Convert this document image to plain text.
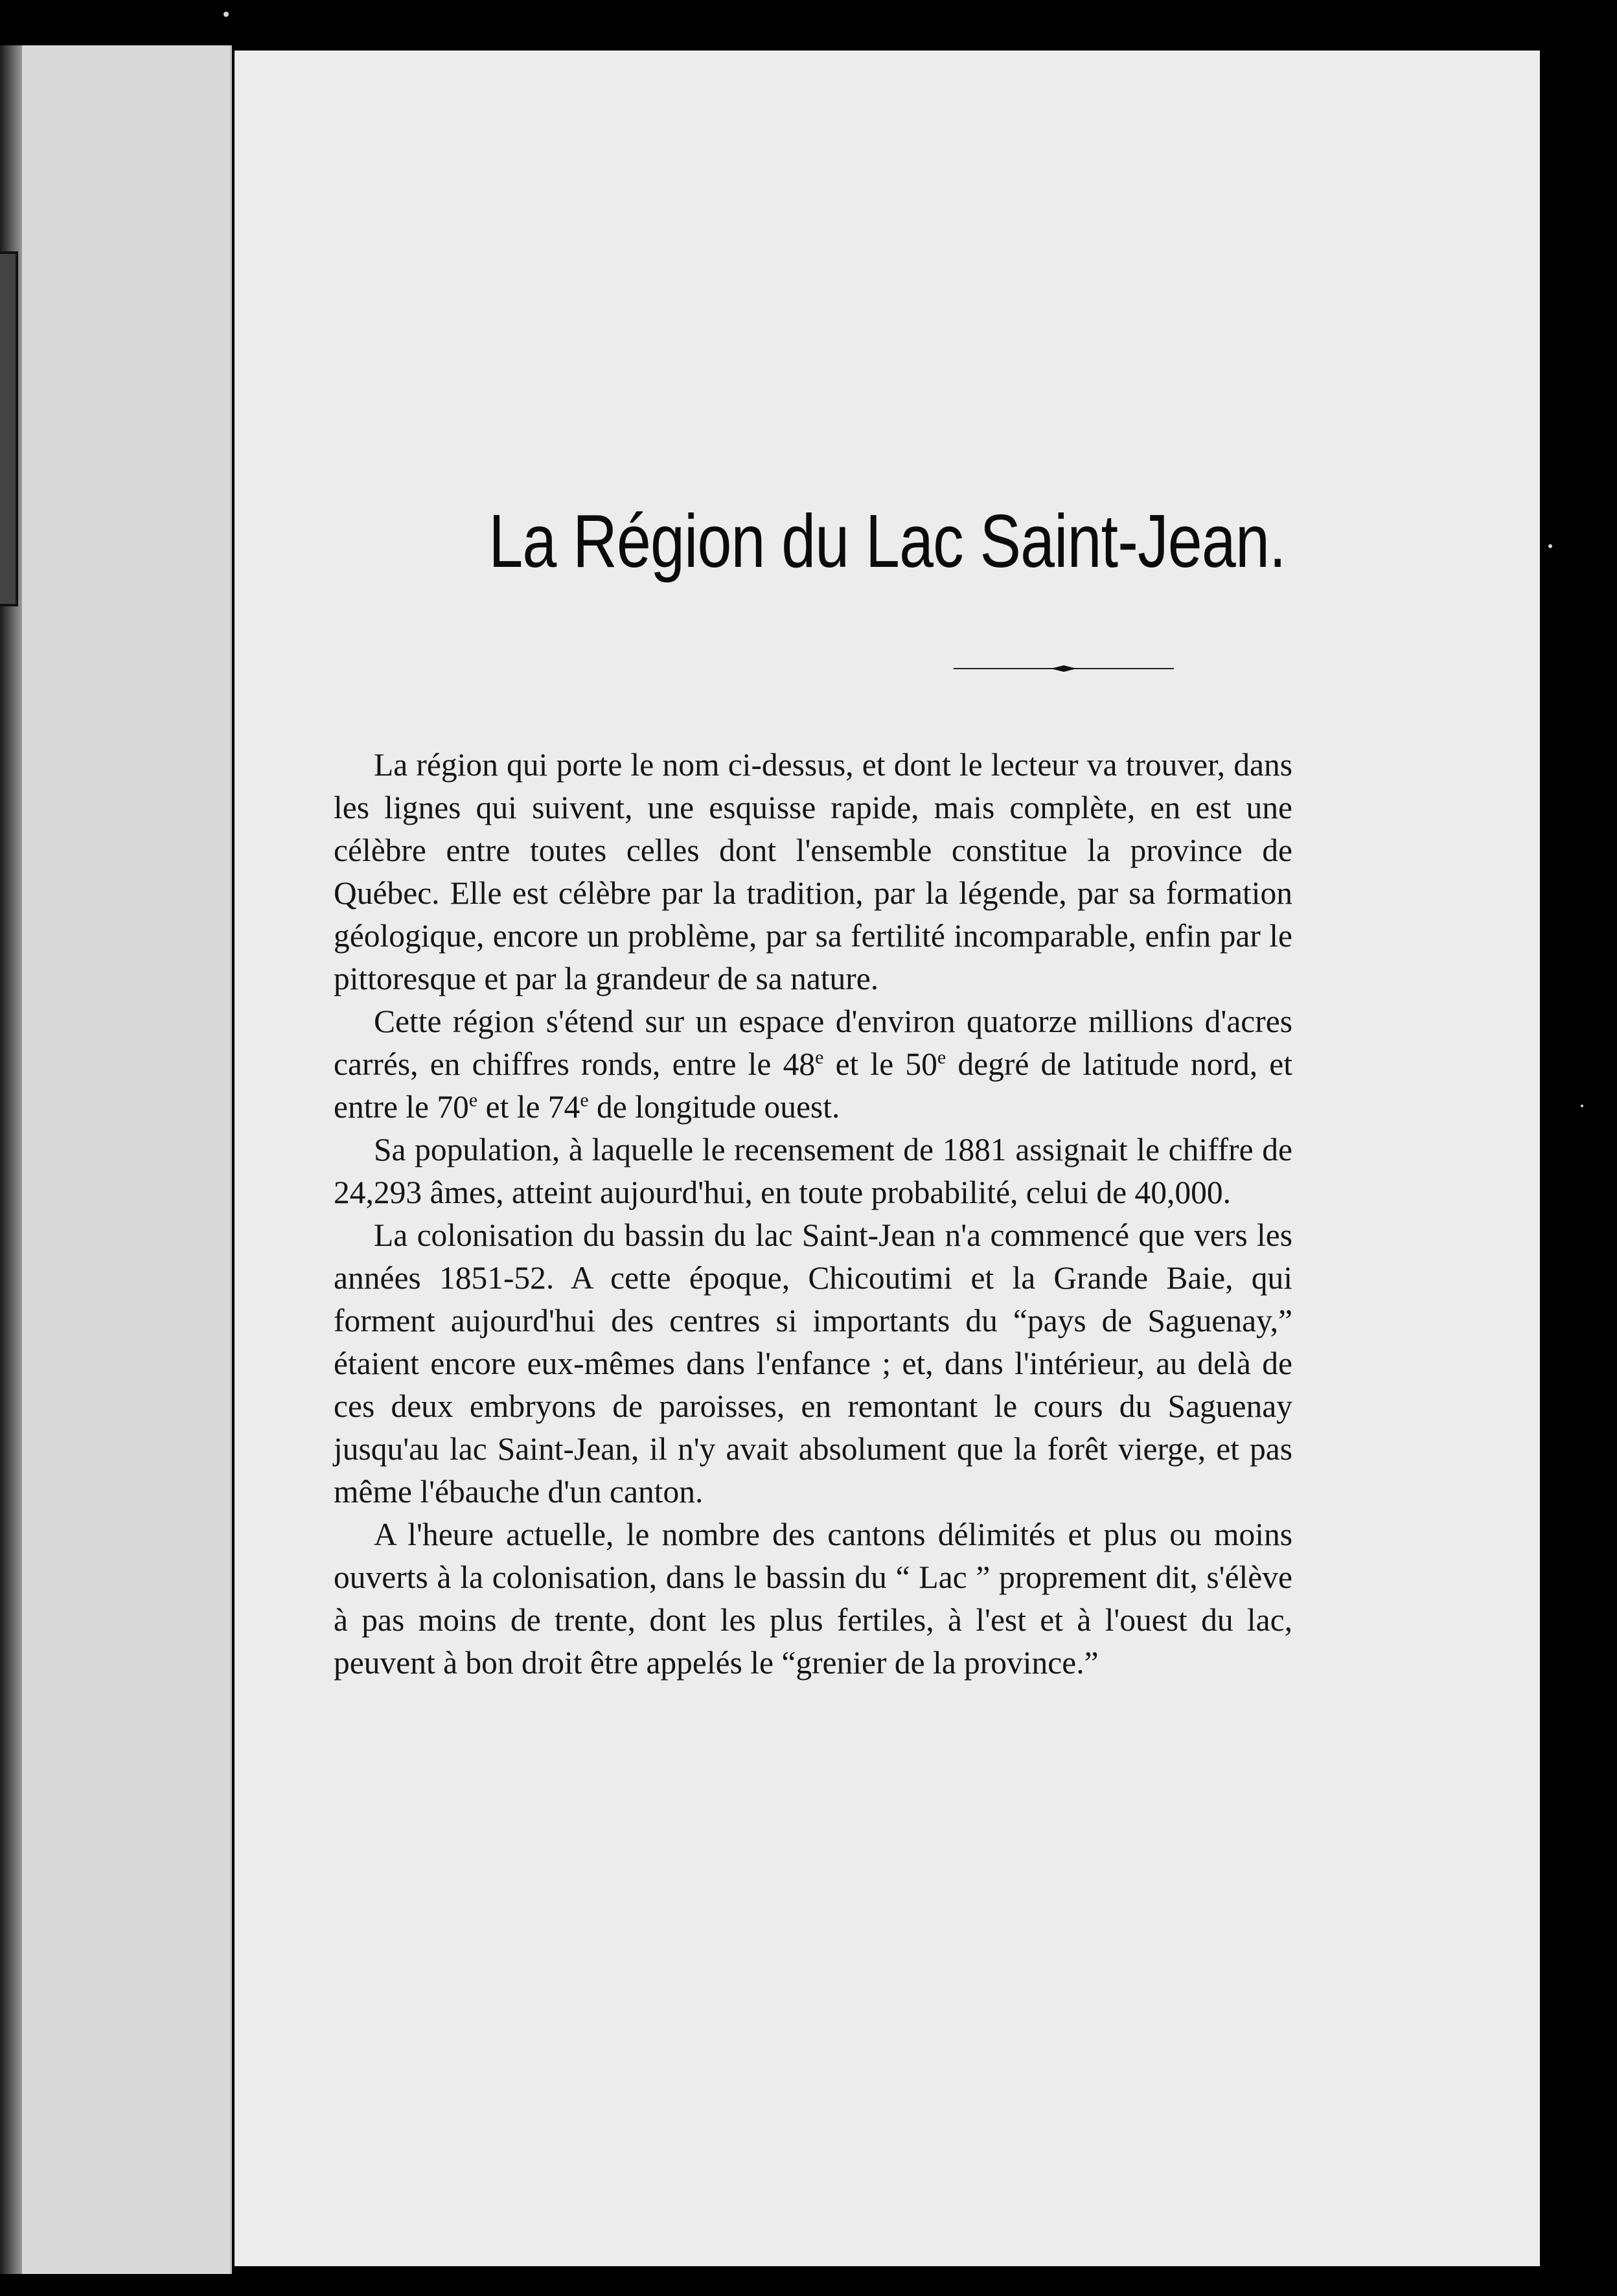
La Région du Lac Saint-Jean.

La région qui porte le nom ci-dessus, et dont le lecteur va trouver, dans les lignes qui suivent, une esquisse rapide, mais complète, en est une célèbre entre toutes celles dont l'ensemble constitue la province de Québec. Elle est célèbre par la tradition, par la légende, par sa formation géologique, encore un problème, par sa fertilité incomparable, enfin par le pittoresque et par la grandeur de sa nature.

Cette région s'étend sur un espace d'environ quatorze millions d'acres carrés, en chiffres ronds, entre le 48e et le 50e degré de latitude nord, et entre le 70e et le 74e de longitude ouest.

Sa population, à laquelle le recensement de 1881 assignait le chiffre de 24,293 âmes, atteint aujourd'hui, en toute probabilité, celui de 40,000.

La colonisation du bassin du lac Saint-Jean n'a commencé que vers les années 1851-52. A cette époque, Chicoutimi et la Grande Baie, qui forment aujourd'hui des centres si importants du “pays de Saguenay,” étaient encore eux-mêmes dans l'enfance ; et, dans l'intérieur, au delà de ces deux embryons de paroisses, en remontant le cours du Saguenay jusqu'au lac Saint-Jean, il n'y avait absolument que la forêt vierge, et pas même l'ébauche d'un canton.

A l'heure actuelle, le nombre des cantons délimités et plus ou moins ouverts à la colonisation, dans le bassin du “ Lac ” proprement dit, s'élève à pas moins de trente, dont les plus fertiles, à l'est et à l'ouest du lac, peuvent à bon droit être appelés le “grenier de la province.”
